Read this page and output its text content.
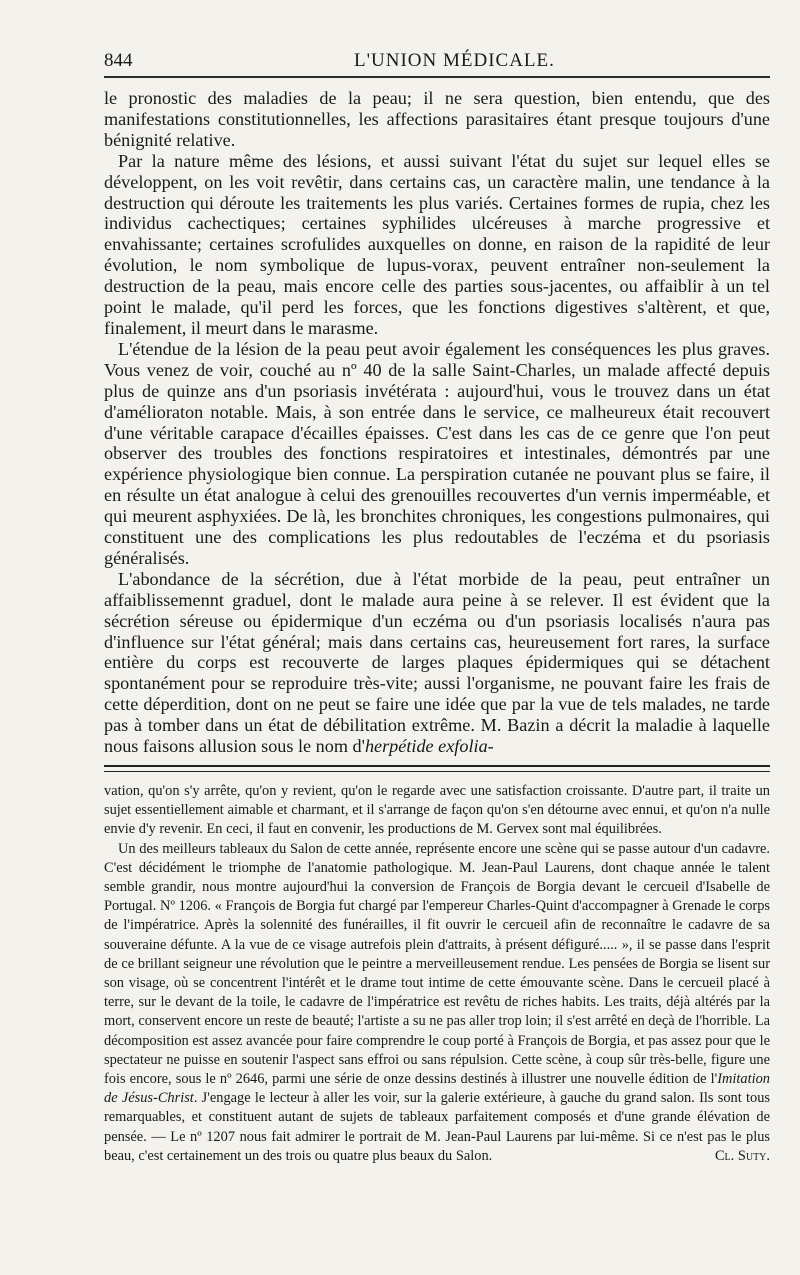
844	L'UNION MÉDICALE.

le pronostic des maladies de la peau; il ne sera question, bien entendu, que des manifestations constitutionnelles, les affections parasitaires étant presque toujours d'une bénignité relative.

Par la nature même des lésions, et aussi suivant l'état du sujet sur lequel elles se développent, on les voit revêtir, dans certains cas, un caractère malin, une tendance à la destruction qui déroute les traitements les plus variés. Certaines formes de rupia, chez les individus cachectiques; certaines syphilides ulcéreuses à marche progressive et envahissante; certaines scrofulides auxquelles on donne, en raison de la rapidité de leur évolution, le nom symbolique de lupus-vorax, peuvent entraîner non-seulement la destruction de la peau, mais encore celle des parties sous-jacentes, ou affaiblir à un tel point le malade, qu'il perd les forces, que les fonctions digestives s'altèrent, et que, finalement, il meurt dans le marasme.

L'étendue de la lésion de la peau peut avoir également les conséquences les plus graves. Vous venez de voir, couché au nº 40 de la salle Saint-Charles, un malade affecté depuis plus de quinze ans d'un psoriasis invétérata : aujourd'hui, vous le trouvez dans un état d'amélioraton notable. Mais, à son entrée dans le service, ce malheureux était recouvert d'une véritable carapace d'écailles épaisses. C'est dans les cas de ce genre que l'on peut observer des troubles des fonctions respiratoires et intestinales, démontrés par une expérience physiologique bien connue. La perspiration cutanée ne pouvant plus se faire, il en résulte un état analogue à celui des grenouilles recouvertes d'un vernis imperméable, et qui meurent asphyxiées. De là, les bronchites chroniques, les congestions pulmonaires, qui constituent une des complications les plus redoutables de l'eczéma et du psoriasis généralisés.

L'abondance de la sécrétion, due à l'état morbide de la peau, peut entraîner un affaiblissemennt graduel, dont le malade aura peine à se relever. Il est évident que la sécrétion séreuse ou épidermique d'un eczéma ou d'un psoriasis localisés n'aura pas d'influence sur l'état général; mais dans certains cas, heureusement fort rares, la surface entière du corps est recouverte de larges plaques épidermiques qui se détachent spontanément pour se reproduire très-vite; aussi l'organisme, ne pouvant faire les frais de cette déperdition, dont on ne peut se faire une idée que par la vue de tels malades, ne tarde pas à tomber dans un état de débilitation extrême. M. Bazin a décrit la maladie à laquelle nous faisons allusion sous le nom d'herpétide exfolia-

vation, qu'on s'y arrête, qu'on y revient, qu'on le regarde avec une satisfaction croissante. D'autre part, il traite un sujet essentiellement aimable et charmant, et il s'arrange de façon qu'on s'en détourne avec ennui, et qu'on n'a nulle envie d'y revenir. En ceci, il faut en convenir, les productions de M. Gervex sont mal équilibrées.

Un des meilleurs tableaux du Salon de cette année, représente encore une scène qui se passe autour d'un cadavre. C'est décidément le triomphe de l'anatomie pathologique. M. Jean-Paul Laurens, dont chaque année le talent semble grandir, nous montre aujourd'hui la conversion de François de Borgia devant le cercueil d'Isabelle de Portugal. Nº 1206. « François de Borgia fut chargé par l'empereur Charles-Quint d'accompagner à Grenade le corps de l'impératrice. Après la solennité des funérailles, il fit ouvrir le cercueil afin de reconnaître le cadavre de sa souveraine défunte. A la vue de ce visage autrefois plein d'attraits, à présent défiguré..... », il se passe dans l'esprit de ce brillant seigneur une révolution que le peintre a merveilleusement rendue. Les pensées de Borgia se lisent sur son visage, où se concentrent l'intérêt et le drame tout intime de cette émouvante scène. Dans le cercueil placé à terre, sur le devant de la toile, le cadavre de l'impératrice est revêtu de riches habits. Les traits, déjà altérés par la mort, conservent encore un reste de beauté; l'artiste a su ne pas aller trop loin; il s'est arrêté en deçà de l'horrible. La décomposition est assez avancée pour faire comprendre le coup porté à François de Borgia, et pas assez pour que le spectateur ne puisse en soutenir l'aspect sans effroi ou sans répulsion. Cette scène, à coup sûr très-belle, figure une fois encore, sous le nº 2646, parmi une série de onze dessins destinés à illustrer une nouvelle édition de l'Imitation de Jésus-Christ. J'engage le lecteur à aller les voir, sur la galerie extérieure, à gauche du grand salon. Ils sont tous remarquables, et constituent autant de sujets de tableaux parfaitement composés et d'une grande élévation de pensée. — Le nº 1207 nous fait admirer le portrait de M. Jean-Paul Laurens par lui-même. Si ce n'est pas le plus beau, c'est certainement un des trois ou quatre plus beaux du Salon.	Cl. Suty.
